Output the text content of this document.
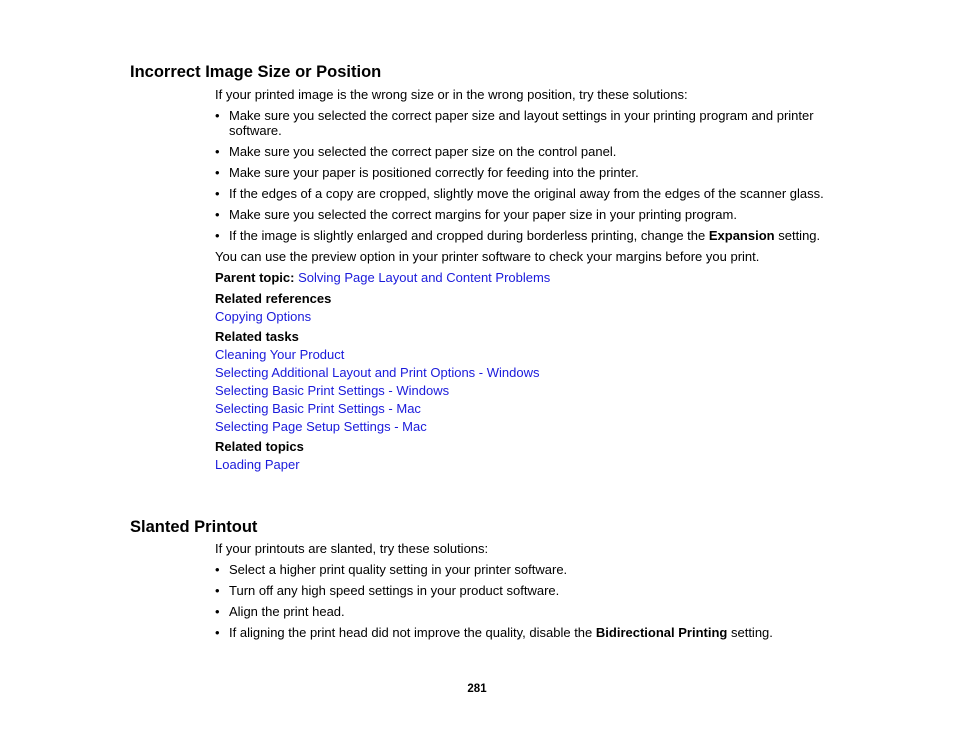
Incorrect Image Size or Position

If your printed image is the wrong size or in the wrong position, try these solutions:

• Make sure you selected the correct paper size and layout settings in your printing program and printer software.
• Make sure you selected the correct paper size on the control panel.
• Make sure your paper is positioned correctly for feeding into the printer.
• If the edges of a copy are cropped, slightly move the original away from the edges of the scanner glass.
• Make sure you selected the correct margins for your paper size in your printing program.
• If the image is slightly enlarged and cropped during borderless printing, change the Expansion setting.

You can use the preview option in your printer software to check your margins before you print.

Parent topic: Solving Page Layout and Content Problems

Related references

Copying Options

Related tasks

Cleaning Your Product
Selecting Additional Layout and Print Options - Windows
Selecting Basic Print Settings - Windows
Selecting Basic Print Settings - Mac
Selecting Page Setup Settings - Mac

Related topics

Loading Paper
Slanted Printout

If your printouts are slanted, try these solutions:

• Select a higher print quality setting in your printer software.
• Turn off any high speed settings in your product software.
• Align the print head.
• If aligning the print head did not improve the quality, disable the Bidirectional Printing setting.
281
